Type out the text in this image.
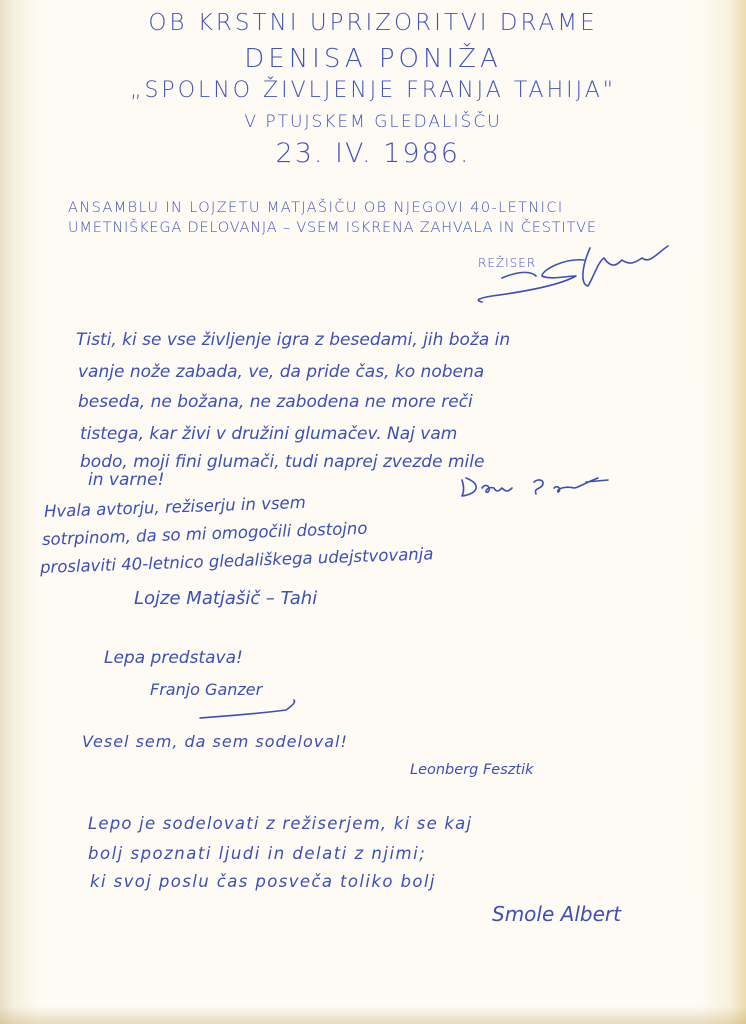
OB KRSTNI UPRIZORITVI DRAME
DENISA PONIŽA
„SPOLNO ŽIVLJENJE FRANJA TAHIJA"
V PTUJSKEM GLEDALIŠČU
23. IV. 1986.
ANSAMBLU IN LOJZETU MATJAŠIČU OB NJEGOVI 40-LETNICI
UMETNIŠKEGA DELOVANJA – VSEM ISKRENA ZAHVALA IN ČESTITVE
REŽISER
Tisti, ki se vse življenje igra z besedami, jih boža in
vanje nože zabada, ve, da pride čas, ko nobena
beseda, ne božana, ne zabodena ne more reči
tistega, kar živi v družini glumačev. Naj vam
bodo, moji fini glumači, tudi naprej zvezde mile
in varne!
Hvala avtorju, režiserju in vsem
sotrpinom, da so mi omogočili dostojno
proslaviti 40-letnico gledališkega udejstvovanja
Lojze Matjašič – Tahi
Lepa predstava!
Franjo Ganzer
Vesel sem, da sem sodeloval!
Leonberg Fesztik
Lepo je sodelovati z režiserjem, ki se kaj
bolj spoznati ljudi in delati z njimi;
ki svoj poslu čas posveča toliko bolj
Smole Albert
